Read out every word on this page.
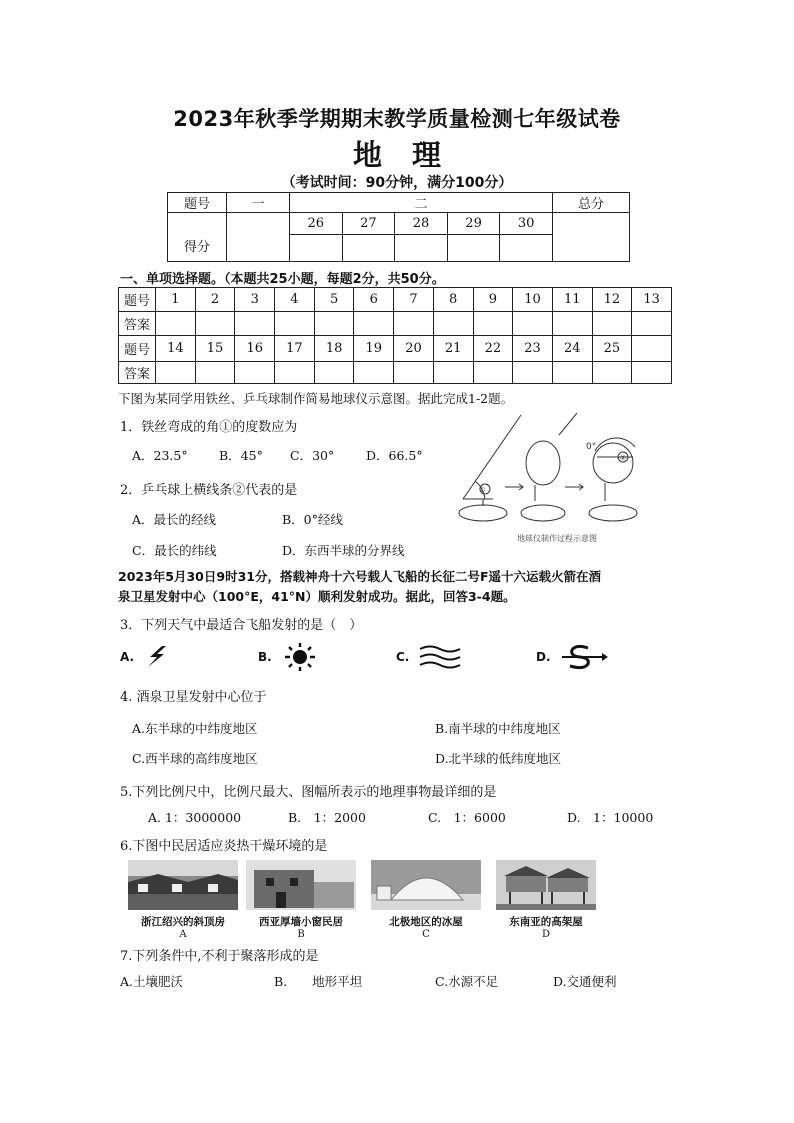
2023年秋季学期期末教学质量检测七年级试卷
地理
（考试时间：90分钟，满分100分）
题号	一	二					总分
得分		26	27	28	29	30	

一、单项选择题。（本题共25小题，每题2分，共50分。
题号	1	2	3	4	5	6	7	8	9	10	11	12	13
答案													
题号	14	15	16	17	18	19	20	21	22	23	24	25	
答案													
下图为某同学用铁丝、乒乓球制作简易地球仪示意图。据此完成1-2题。
1．铁丝弯成的角①的度数应为
A．23.5°	B．45° C．30°	D．66.5°
2．乒乓球上横线条②代表的是
A．最长的经线	B．0°经线
C．最长的纬线	D．东西半球的分界线
①
②
0°
地球仪制作过程示意图
2023年5月30日9时31分，搭载神舟十六号载人飞船的长征二号F遥十六运载火箭在酒
泉卫星发射中心（100°E，41°N）顺利发射成功。据此，回答3-4题。
3．下列天气中最适合飞船发射的是（　）
A.	B.	C.	D.
4. 酒泉卫星发射中心位于
A.东半球的中纬度地区	B.南半球的中纬度地区
C.西半球的高纬度地区	D.北半球的低纬度地区
5.下列比例尺中，比例尺最大、图幅所表示的地理事物最详细的是
A. 1：3000000	B.　1：2000	C.　1：6000	D.　1：10000
6.下图中民居适应炎热干燥环境的是
浙江绍兴的斜顶房
A
西亚厚墙小窗民居
B
北极地区的冰屋
C
东南亚的高架屋
D
7.下列条件中,不利于聚落形成的是
A.土壤肥沃	B.　　地形平坦	C.水源不足	D.交通便利
